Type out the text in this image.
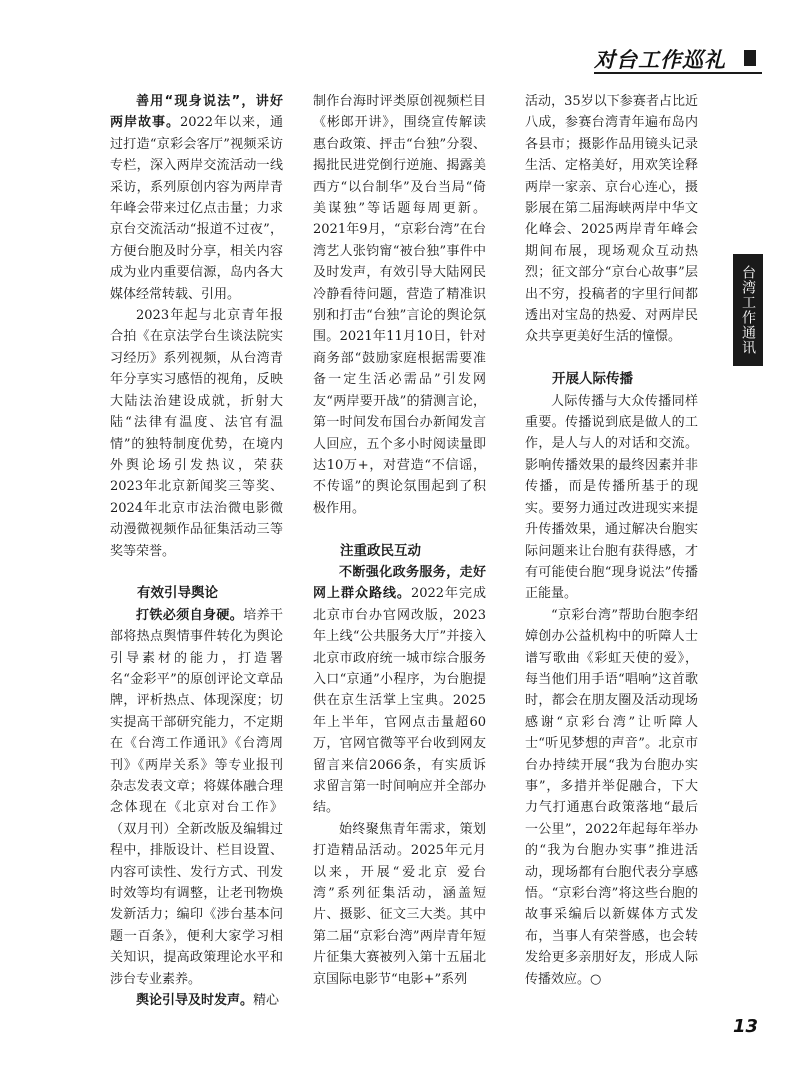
对台工作巡礼
台湾工作通讯

善用“现身说法”，讲好两岸故事。2022年以来，通过打造“京彩会客厅”视频采访专栏，深入两岸交流活动一线采访，系列原创内容为两岸青年峰会带来过亿点击量；力求京台交流活动“报道不过夜”，方便台胞及时分享，相关内容成为业内重要信源，岛内各大媒体经常转载、引用。

2023年起与北京青年报合拍《在京法学台生谈法院实习经历》系列视频，从台湾青年分享实习感悟的视角，反映大陆法治建设成就，折射大陆“法律有温度、法官有温情”的独特制度优势，在境内外舆论场引发热议，荣获2023年北京新闻奖三等奖、2024年北京市法治微电影微动漫微视频作品征集活动三等奖等荣誉。

有效引导舆论

打铁必须自身硬。培养干部将热点舆情事件转化为舆论引导素材的能力，打造署名“金彩平”的原创评论文章品牌，评析热点、体现深度；切实提高干部研究能力，不定期在《台湾工作通讯》《台湾周刊》《两岸关系》等专业报刊杂志发表文章；将媒体融合理念体现在《北京对台工作》（双月刊）全新改版及编辑过程中，排版设计、栏目设置、内容可读性、发行方式、刊发时效等均有调整，让老刊物焕发新活力；编印《涉台基本问题一百条》，便利大家学习相关知识，提高政策理论水平和涉台专业素养。

舆论引导及时发声。精心

制作台海时评类原创视频栏目《彬郎开讲》，围绕宣传解读惠台政策、抨击“台独”分裂、揭批民进党倒行逆施、揭露美西方“以台制华”及台当局“倚美谋独”等话题每周更新。2021年9月，“京彩台湾”在台湾艺人张钧甯“被台独”事件中及时发声，有效引导大陆网民冷静看待问题，营造了精准识别和打击“台独”言论的舆论氛围。2021年11月10日，针对商务部“鼓励家庭根据需要准备一定生活必需品”引发网友“两岸要开战”的猜测言论，第一时间发布国台办新闻发言人回应，五个多小时阅读量即达10万+，对营造“不信谣，不传谣”的舆论氛围起到了积极作用。

注重政民互动

不断强化政务服务，走好网上群众路线。2022年完成北京市台办官网改版，2023年上线“公共服务大厅”并接入北京市政府统一城市综合服务入口“京通”小程序，为台胞提供在京生活掌上宝典。2025年上半年，官网点击量超60万，官网官微等平台收到网友留言来信2066条，有实质诉求留言第一时间响应并全部办结。

始终聚焦青年需求，策划打造精品活动。2025年元月以来，开展“爱北京 爱台湾”系列征集活动，涵盖短片、摄影、征文三大类。其中第二届“京彩台湾”两岸青年短片征集大赛被列入第十五届北京国际电影节“电影+”系列

活动，35岁以下参赛者占比近八成，参赛台湾青年遍布岛内各县市；摄影作品用镜头记录生活、定格美好，用欢笑诠释两岸一家亲、京台心连心，摄影展在第二届海峡两岸中华文化峰会、2025两岸青年峰会期间布展，现场观众互动热烈；征文部分“京台心故事”层出不穷，投稿者的字里行间都透出对宝岛的热爱、对两岸民众共享更美好生活的憧憬。

开展人际传播

人际传播与大众传播同样重要。传播说到底是做人的工作，是人与人的对话和交流。影响传播效果的最终因素并非传播，而是传播所基于的现实。要努力通过改进现实来提升传播效果，通过解决台胞实际问题来让台胞有获得感，才有可能使台胞“现身说法”传播正能量。

“京彩台湾”帮助台胞李绍嫜创办公益机构中的听障人士谱写歌曲《彩虹天使的爱》，每当他们用手语“唱响”这首歌时，都会在朋友圈及活动现场感谢“京彩台湾”让听障人士“听见梦想的声音”。北京市台办持续开展“我为台胞办实事”，多措并举促融合，下大力气打通惠台政策落地“最后一公里”，2022年起每年举办的“我为台胞办实事”推进活动，现场都有台胞代表分享感悟。“京彩台湾”将这些台胞的故事采编后以新媒体方式发布，当事人有荣誉感，也会转发给更多亲朋好友，形成人际传播效应。○

13
